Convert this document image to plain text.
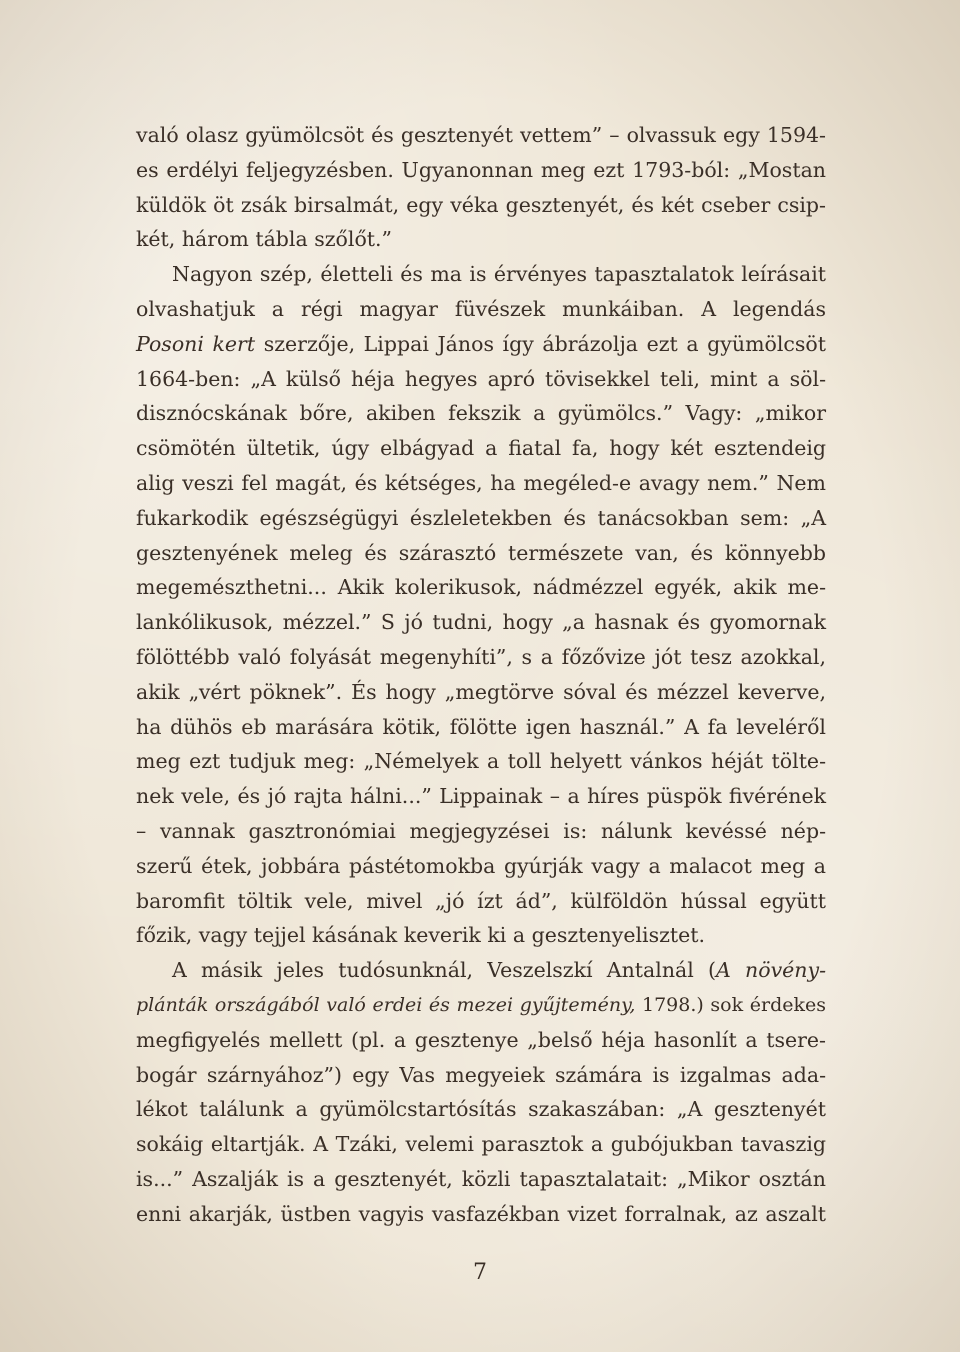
való olasz gyümölcsöt és gesztenyét vettem” – olvassuk egy 1594-
es erdélyi feljegyzésben. Ugyanonnan meg ezt 1793-ból: „Mostan
küldök öt zsák birsalmát, egy véka gesztenyét, és két cseber csip-
két, három tábla szőlőt.”
Nagyon szép, életteli és ma is érvényes tapasztalatok leírásait
olvashatjuk a régi magyar füvészek munkáiban. A legendás
Posoni kert szerzője, Lippai János így ábrázolja ezt a gyümölcsöt
1664-ben: „A külső héja hegyes apró tövisekkel teli, mint a söl-
disznócskának bőre, akiben fekszik a gyümölcs.” Vagy: „mikor
csömötén ültetik, úgy elbágyad a fiatal fa, hogy két esztendeig
alig veszi fel magát, és kétséges, ha megéled-e avagy nem.” Nem
fukarkodik egészségügyi észleletekben és tanácsokban sem: „A
gesztenyének meleg és szárasztó természete van, és könnyebb
megemészthetni... Akik kolerikusok, nádmézzel egyék, akik me-
lankólikusok, mézzel.” S jó tudni, hogy „a hasnak és gyomornak
fölöttébb való folyását megenyhíti”, s a főzővize jót tesz azokkal,
akik „vért pöknek”. És hogy „megtörve sóval és mézzel keverve,
ha dühös eb marására kötik, fölötte igen használ.” A fa leveléről
meg ezt tudjuk meg: „Némelyek a toll helyett vánkos héját tölte-
nek vele, és jó rajta hálni...” Lippainak – a híres püspök fivérének
– vannak gasztronómiai megjegyzései is: nálunk kevéssé nép-
szerű étek, jobbára pástétomokba gyúrják vagy a malacot meg a
baromfit töltik vele, mivel „jó ízt ád”, külföldön hússal együtt
főzik, vagy tejjel kásának keverik ki a gesztenyelisztet.
A másik jeles tudósunknál, Veszelszkí Antalnál (A növény-
plánták országából való erdei és mezei gyűjtemény, 1798.) sok érdekes
megfigyelés mellett (pl. a gesztenye „belső héja hasonlít a tsere-
bogár szárnyához”) egy Vas megyeiek számára is izgalmas ada-
lékot találunk a gyümölcstartósítás szakaszában: „A gesztenyét
sokáig eltartják. A Tzáki, velemi parasztok a gubójukban tavaszig
is...” Aszalják is a gesztenyét, közli tapasztalatait: „Mikor osztán
enni akarják, üstben vagyis vasfazékban vizet forralnak, az aszalt
7
